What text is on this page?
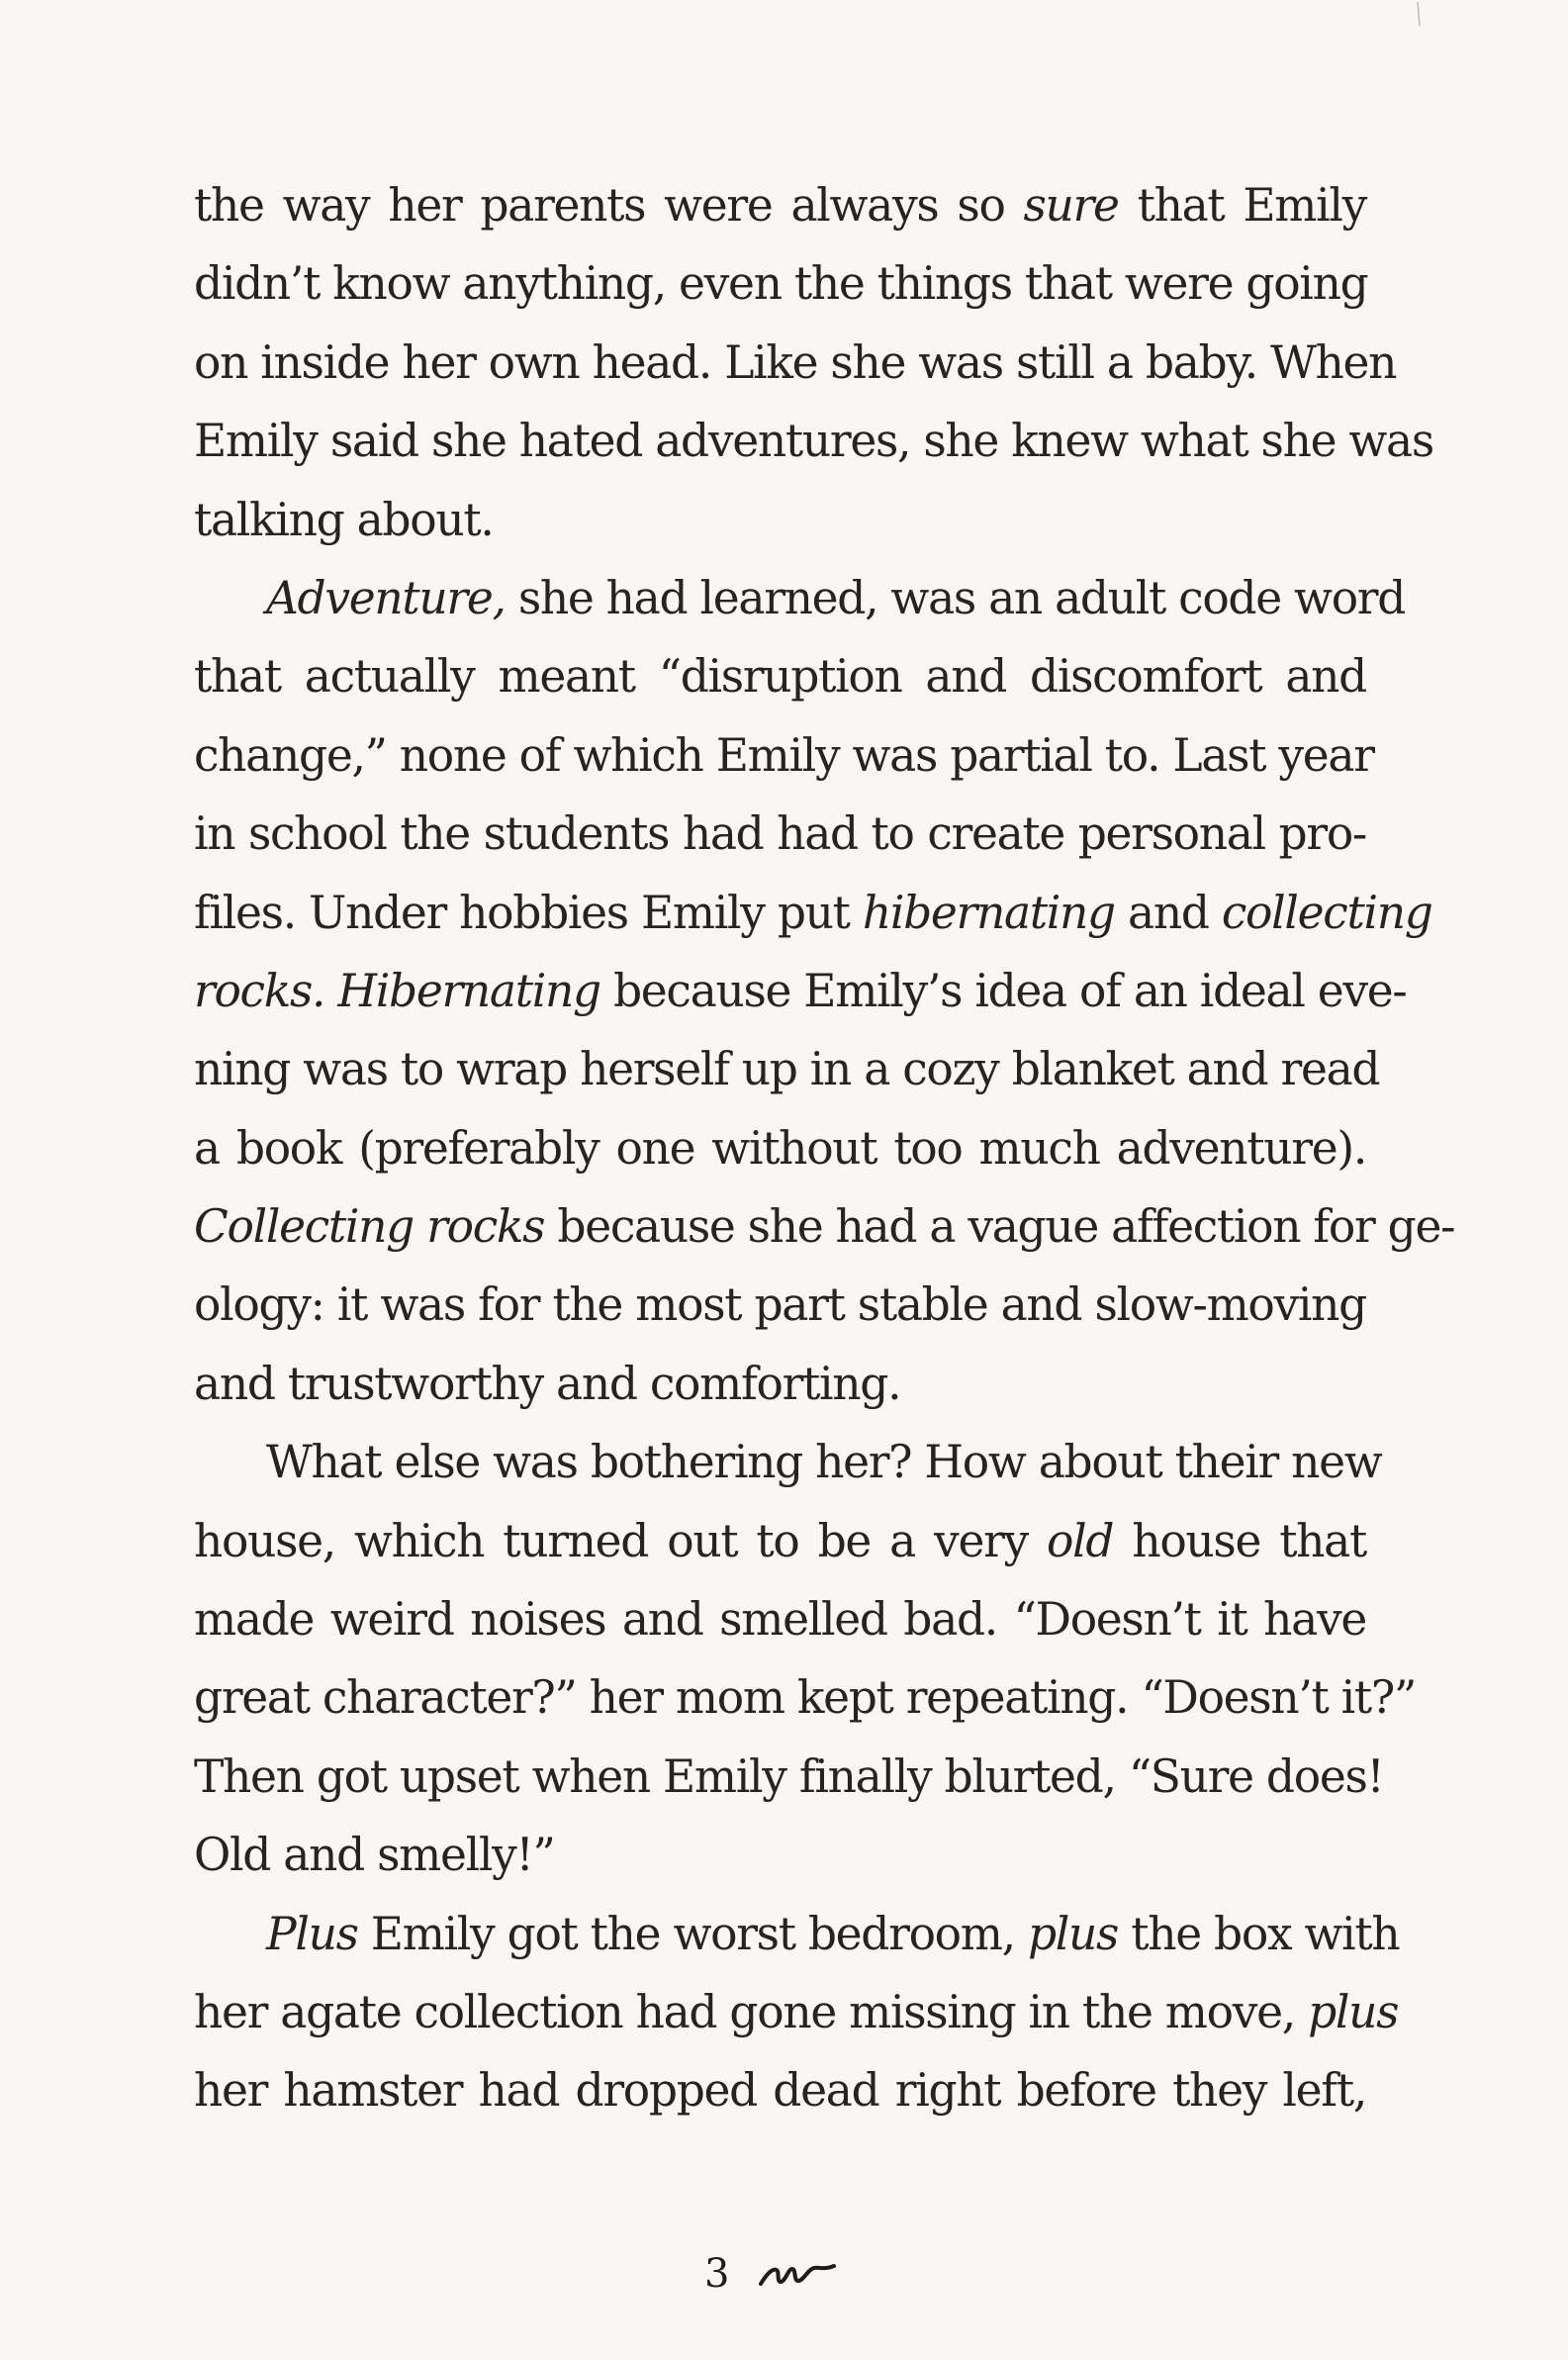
the way her parents were always so sure that Emily
didn’t know anything, even the things that were going
on inside her own head. Like she was still a baby. When
Emily said she hated adventures, she knew what she was
talking about.
Adventure, she had learned, was an adult code word
that actually meant “disruption and discomfort and
change,” none of which Emily was partial to. Last year
in school the students had had to create personal pro-
files. Under hobbies Emily put hibernating and collecting
rocks. Hibernating because Emily’s idea of an ideal eve-
ning was to wrap herself up in a cozy blanket and read
a book (preferably one without too much adventure).
Collecting rocks because she had a vague affection for ge-
ology: it was for the most part stable and slow-moving
and trustworthy and comforting.
What else was bothering her? How about their new
house, which turned out to be a very old house that
made weird noises and smelled bad. “Doesn’t it have
great character?” her mom kept repeating. “Doesn’t it?”
Then got upset when Emily finally blurted, “Sure does!
Old and smelly!”
Plus Emily got the worst bedroom, plus the box with
her agate collection had gone missing in the move, plus
her hamster had dropped dead right before they left,
3
